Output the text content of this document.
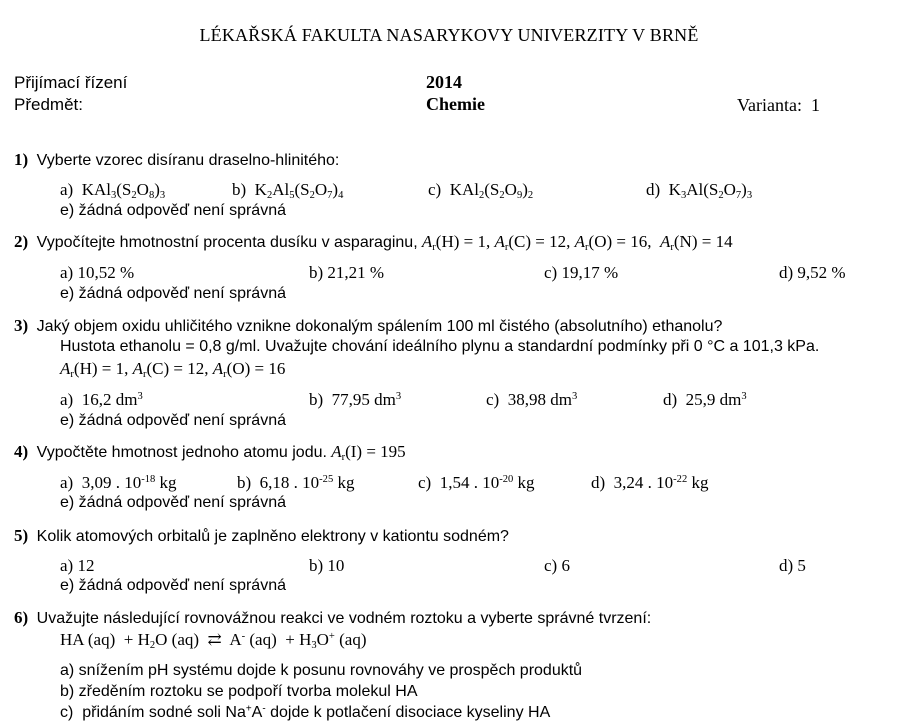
LÉKAŘSKÁ FAKULTA NASARYKOVY UNIVERZITY V BRNĚ
Přijímací řízení	2014
Předmět:	Chemie	Varianta: 1
1) Vyberte vzorec disíranu draselno-hlinitého:
a)  $KAl_3(S_2O_8)_3$	b)  $K_2Al_5(S_2O_7)_4$	c)  $KAl_2(S_2O_9)_2$	d)  $K_3Al(S_2O_7)_3$
e) žádná odpověď není správná
2) Vypočítejte hmotnostní procenta dusíku v asparaginu, $A_r(H) = 1$, $A_r(C) = 12$, $A_r(O) = 16$,  $A_r(N) = 14$
a) 10,52 %	b) 21,21 %	c) 19,17 %	d) 9,52 %
e) žádná odpověď není správná
3) Jaký objem oxidu uhličitého vznikne dokonalým spálením 100 ml čistého (absolutního) ethanolu?
Hustota ethanolu = 0,8 g/ml. Uvažujte chování ideálního plynu a standardní podmínky při 0 °C a 101,3 kPa.
$A_r(H) = 1$, $A_r(C) = 12$, $A_r(O) = 16$
a)  16,2 $dm^3$	b)  77,95 $dm^3$	c)  38,98 $dm^3$	d)  25,9 $dm^3$
e) žádná odpověď není správná
4) Vypočtěte hmotnost jednoho atomu jodu. $A_r(I) = 195$
a)  3,09 . $10^{-18}$ kg	b)  6,18 . $10^{-25}$ kg	c)  1,54 . $10^{-20}$ kg	d)  3,24 . $10^{-22}$ kg
e) žádná odpověď není správná
5) Kolik atomových orbitalů je zaplněno elektrony v kationtu sodném?
a) 12	b) 10	c) 6	d) 5
e) žádná odpověď není správná
6) Uvažujte následující rovnovážnou reakci ve vodném roztoku a vyberte správné tvrzení:
HA $(aq) + H_2O$ (aq)  ⇄  A- $(aq) + H_3O^+$ (aq)
a) snížením pH systému dojde k posunu rovnováhy ve prospěch produktů
b) zředěním roztoku se podpoří tvorba molekul HA
c)  přidáním sodné soli Na+A- dojde k potlačení disociace kyseliny HA
